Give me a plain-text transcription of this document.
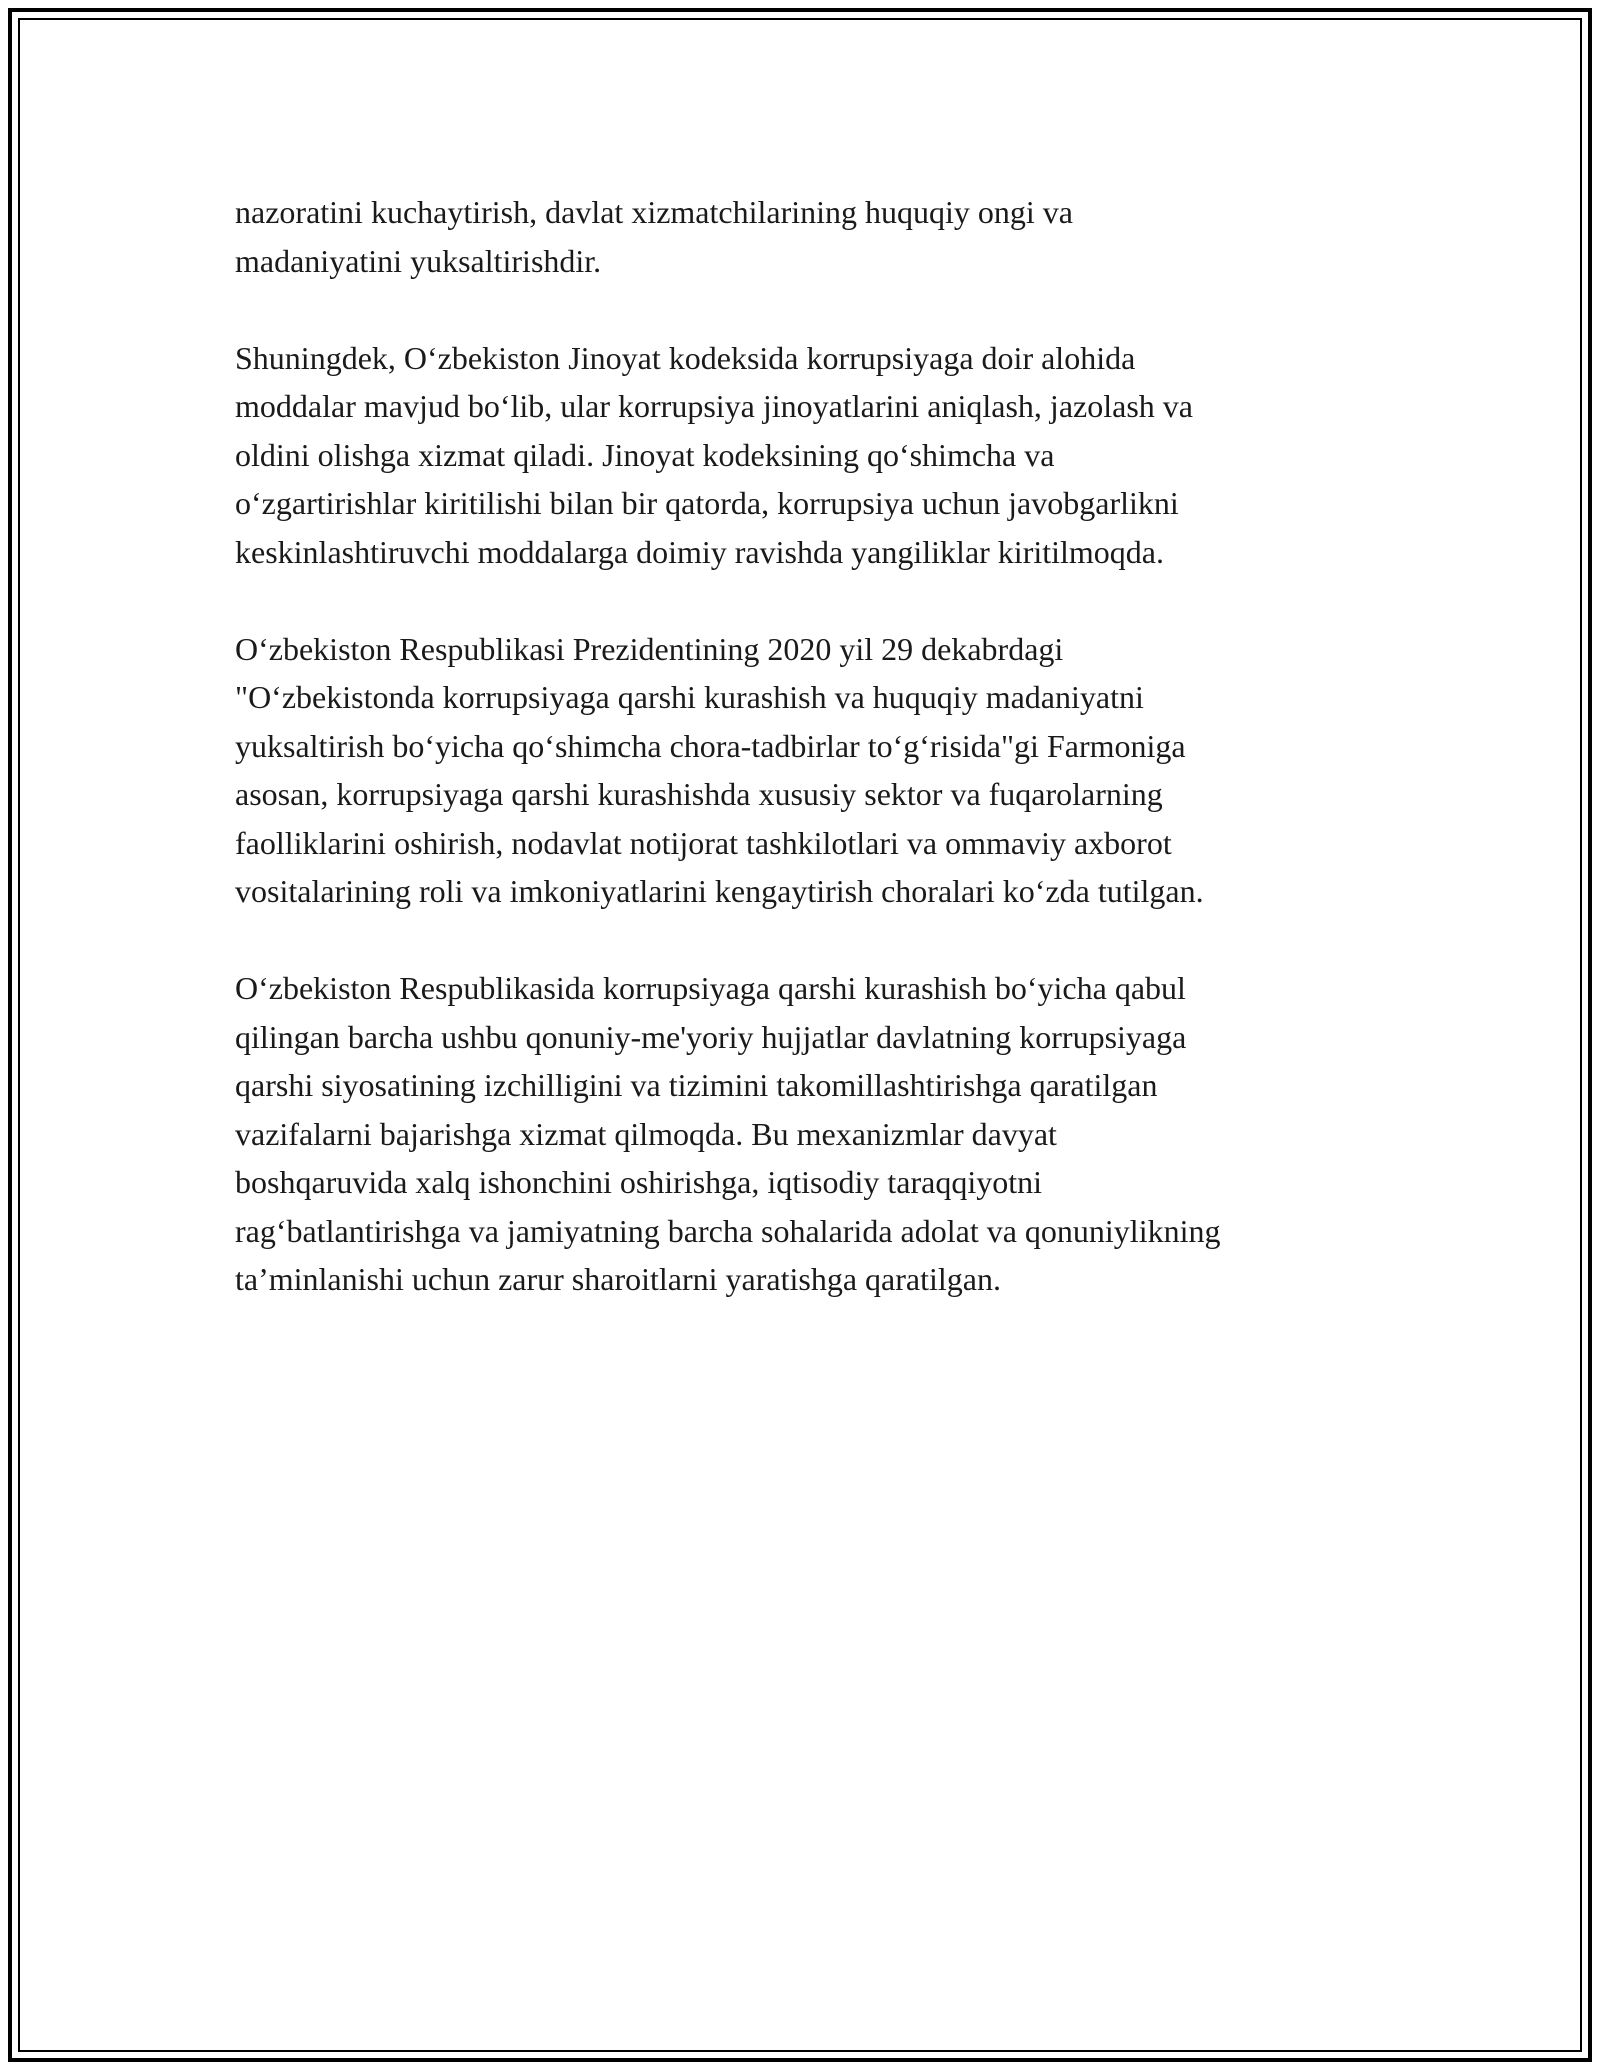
nazoratini kuchaytirish, davlat xizmatchilarining huquqiy ongi va
madaniyatini yuksaltirishdir.

Shuningdek, O‘zbekiston Jinoyat kodeksida korrupsiyaga doir alohida
moddalar mavjud bo‘lib, ular korrupsiya jinoyatlarini aniqlash, jazolash va
oldini olishga xizmat qiladi. Jinoyat kodeksining qo‘shimcha va
o‘zgartirishlar kiritilishi bilan bir qatorda, korrupsiya uchun javobgarlikni
keskinlashtiruvchi moddalarga doimiy ravishda yangiliklar kiritilmoqda.

O‘zbekiston Respublikasi Prezidentining 2020 yil 29 dekabrdagi
"O‘zbekistonda korrupsiyaga qarshi kurashish va huquqiy madaniyatni
yuksaltirish bo‘yicha qo‘shimcha chora-tadbirlar to‘g‘risida"gi Farmoniga
asosan, korrupsiyaga qarshi kurashishda xususiy sektor va fuqarolarning
faolliklarini oshirish, nodavlat notijorat tashkilotlari va ommaviy axborot
vositalarining roli va imkoniyatlarini kengaytirish choralari ko‘zda tutilgan.

O‘zbekiston Respublikasida korrupsiyaga qarshi kurashish bo‘yicha qabul
qilingan barcha ushbu qonuniy-me'yoriy hujjatlar davlatning korrupsiyaga
qarshi siyosatining izchilligini va tizimini takomillashtirishga qaratilgan
vazifalarni bajarishga xizmat qilmoqda. Bu mexanizmlar davyat
boshqaruvida xalq ishonchini oshirishga, iqtisodiy taraqqiyotni
rag‘batlantirishga va jamiyatning barcha sohalarida adolat va qonuniylikning
ta’minlanishi uchun zarur sharoitlarni yaratishga qaratilgan.
